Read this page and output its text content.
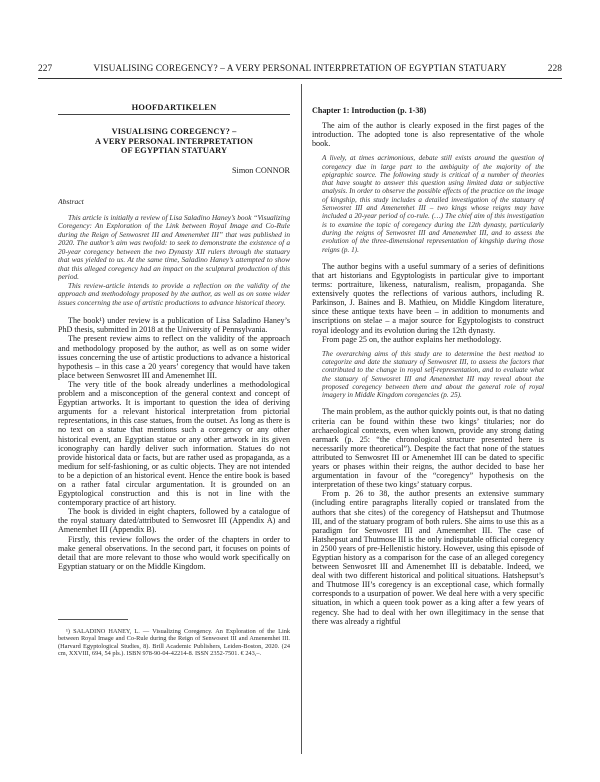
227	VISUALISING COREGENCY? – A VERY PERSONAL INTERPRETATION OF EGYPTIAN STATUARY	228
HOOFDARTIKELEN
VISUALISING COREGENCY? –
A VERY PERSONAL INTERPRETATION
OF EGYPTIAN STATUARY
Simon CONNOR
Abstract

This article is initially a review of Lisa Saladino Haney’s book “Visualizing Coregency: An Exploration of the Link between Royal Image and Co-Rule during the Reign of Senwosret III and Amenemhet III” that was published in 2020. The author’s aim was twofold: to seek to demonstrate the existence of a 20-year coregency between the two Dynasty XII rulers through the statuary that was yielded to us. At the same time, Saladino Haney’s attempted to show that this alleged coregency had an impact on the sculptural production of this period.

This review-article intends to provide a reflection on the validity of the approach and methodology proposed by the author, as well as on some wider issues concerning the use of artistic productions to advance historical theory.

The book¹) under review is a publication of Lisa Saladino Haney’s PhD thesis, submitted in 2018 at the University of Pennsylvania.

The present review aims to reflect on the validity of the approach and methodology proposed by the author, as well as on some wider issues concerning the use of artistic productions to advance a historical hypothesis – in this case a 20 years’ coregency that would have taken place between Senwosret III and Amenemhet III.

The very title of the book already underlines a methodological problem and a misconception of the general context and concept of Egyptian artworks. It is important to question the idea of deriving arguments for a relevant historical interpretation from pictorial representations, in this case statues, from the outset. As long as there is no text on a statue that mentions such a coregency or any other historical event, an Egyptian statue or any other artwork in its given iconography can hardly deliver such information. Statues do not provide historical data or facts, but are rather used as propaganda, as a medium for self-fashioning, or as cultic objects. They are not intended to be a depiction of an historical event. Hence the entire book is based on a rather fatal circular argumentation. It is grounded on an Egyptological construction and this is not in line with the contemporary practice of art history.

The book is divided in eight chapters, followed by a catalogue of the royal statuary dated/attributed to Senwosret III (Appendix A) and Amenemhet III (Appendix B).

Firstly, this review follows the order of the chapters in order to make general observations. In the second part, it focuses on points of detail that are more relevant to those who would work specifically on Egyptian statuary or on the Middle Kingdom.

¹) SALADINO HANEY, L. — Visualizing Coregency. An Exploration of the Link between Royal Image and Co-Rule during the Reign of Senwosret III and Amenemhet III. (Harvard Egyptological Studies, 8). Brill Academic Publishers, Leiden-Boston, 2020. (24 cm, XXVIII, 694, 54 pls.). ISBN 978-90-04-42214-8. ISSN 2352-7501. € 243,–.

Chapter 1: Introduction (p. 1-38)

The aim of the author is clearly exposed in the first pages of the introduction. The adopted tone is also representative of the whole book.

A lively, at times acrimonious, debate still exists around the question of coregency due in large part to the ambiguity of the majority of the epigraphic source. The following study is critical of a number of theories that have sought to answer this question using limited data or subjective analysis. In order to observe the possible effects of the practice on the image of kingship, this study includes a detailed investigation of the statuary of Senwosret III and Amenemhet III – two kings whose reigns may have included a 20-year period of co-rule. (…) The chief aim of this investigation is to examine the topic of coregency during the 12th dynasty, particularly during the reigns of Senwosret III and Amenemhet III, and to assess the evolution of the three-dimensional representation of kingship during those reigns (p. 1).

The author begins with a useful summary of a series of definitions that art historians and Egyptologists in particular give to important terms: portraiture, likeness, naturalism, realism, propaganda. She extensively quotes the reflections of various authors, including R. Parkinson, J. Baines and B. Mathieu, on Middle Kingdom literature, since these antique texts have been – in addition to monuments and inscriptions on stelae – a major source for Egyptologists to construct royal ideology and its evolution during the 12th dynasty.

From page 25 on, the author explains her methodology.

The overarching aims of this study are to determine the best method to categorize and date the statuary of Senwosret III, to assess the factors that contributed to the change in royal self-representation, and to evaluate what the statuary of Senwosret III and Amenemhet III may reveal about the proposed coregency between them and about the general role of royal imagery in Middle Kingdom coregencies (p. 25).

The main problem, as the author quickly points out, is that no dating criteria can be found within these two kings’ titularies; nor do archaeological contexts, even when known, provide any strong dating earmark (p. 25: “the chronological structure presented here is necessarily more theoretical”). Despite the fact that none of the statues attributed to Senwosret III or Amenemhet III can be dated to specific years or phases within their reigns, the author decided to base her argumentation in favour of the “coregency” hypothesis on the interpretation of these two kings’ statuary corpus.

From p. 26 to 38, the author presents an extensive summary (including entire paragraphs literally copied or translated from the authors that she cites) of the coregency of Hatshepsut and Thutmose III, and of the statuary program of both rulers. She aims to use this as a paradigm for Senwosret III and Amenemhet III. The case of Hatshepsut and Thutmose III is the only indisputable official coregency in 2500 years of pre-Hellenistic history. However, using this episode of Egyptian history as a comparison for the case of an alleged coregency between Senwosret III and Amenemhet III is debatable. Indeed, we deal with two different historical and political situations. Hatshepsut’s and Thutmose III’s coregency is an exceptional case, which formally corresponds to a usurpation of power. We deal here with a very specific situation, in which a queen took power as a king after a few years of regency. She had to deal with her own illegitimacy in the sense that there was already a rightful
